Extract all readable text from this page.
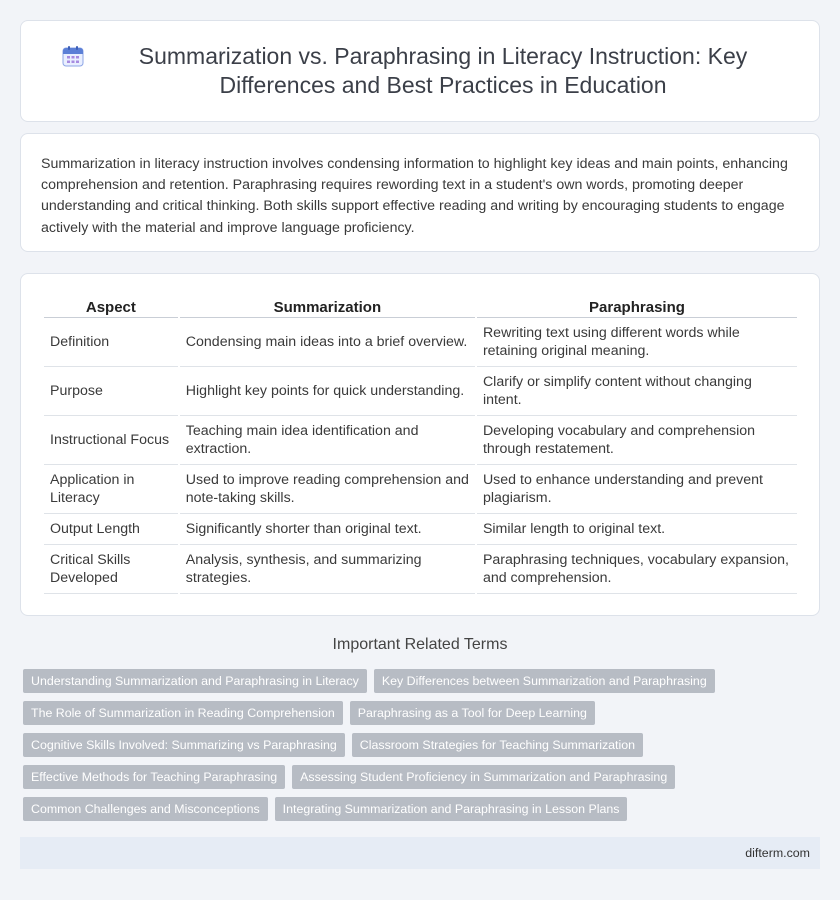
Summarization vs. Paraphrasing in Literacy Instruction: Key Differences and Best Practices in Education

Summarization in literacy instruction involves condensing information to highlight key ideas and main points, enhancing comprehension and retention. Paraphrasing requires rewording text in a student's own words, promoting deeper understanding and critical thinking. Both skills support effective reading and writing by encouraging students to engage actively with the material and improve language proficiency.

Aspect	Summarization	Paraphrasing
Definition	Condensing main ideas into a brief overview.	Rewriting text using different words while retaining original meaning.
Purpose	Highlight key points for quick understanding.	Clarify or simplify content without changing intent.
Instructional Focus	Teaching main idea identification and extraction.	Developing vocabulary and comprehension through restatement.
Application in Literacy	Used to improve reading comprehension and note-taking skills.	Used to enhance understanding and prevent plagiarism.
Output Length	Significantly shorter than original text.	Similar length to original text.
Critical Skills Developed	Analysis, synthesis, and summarizing strategies.	Paraphrasing techniques, vocabulary expansion, and comprehension.
Important Related Terms
Understanding Summarization and Paraphrasing in Literacy	Key Differences between Summarization and Paraphrasing
The Role of Summarization in Reading Comprehension	Paraphrasing as a Tool for Deep Learning
Cognitive Skills Involved: Summarizing vs Paraphrasing	Classroom Strategies for Teaching Summarization
Effective Methods for Teaching Paraphrasing	Assessing Student Proficiency in Summarization and Paraphrasing
Common Challenges and Misconceptions	Integrating Summarization and Paraphrasing in Lesson Plans
difterm.com
